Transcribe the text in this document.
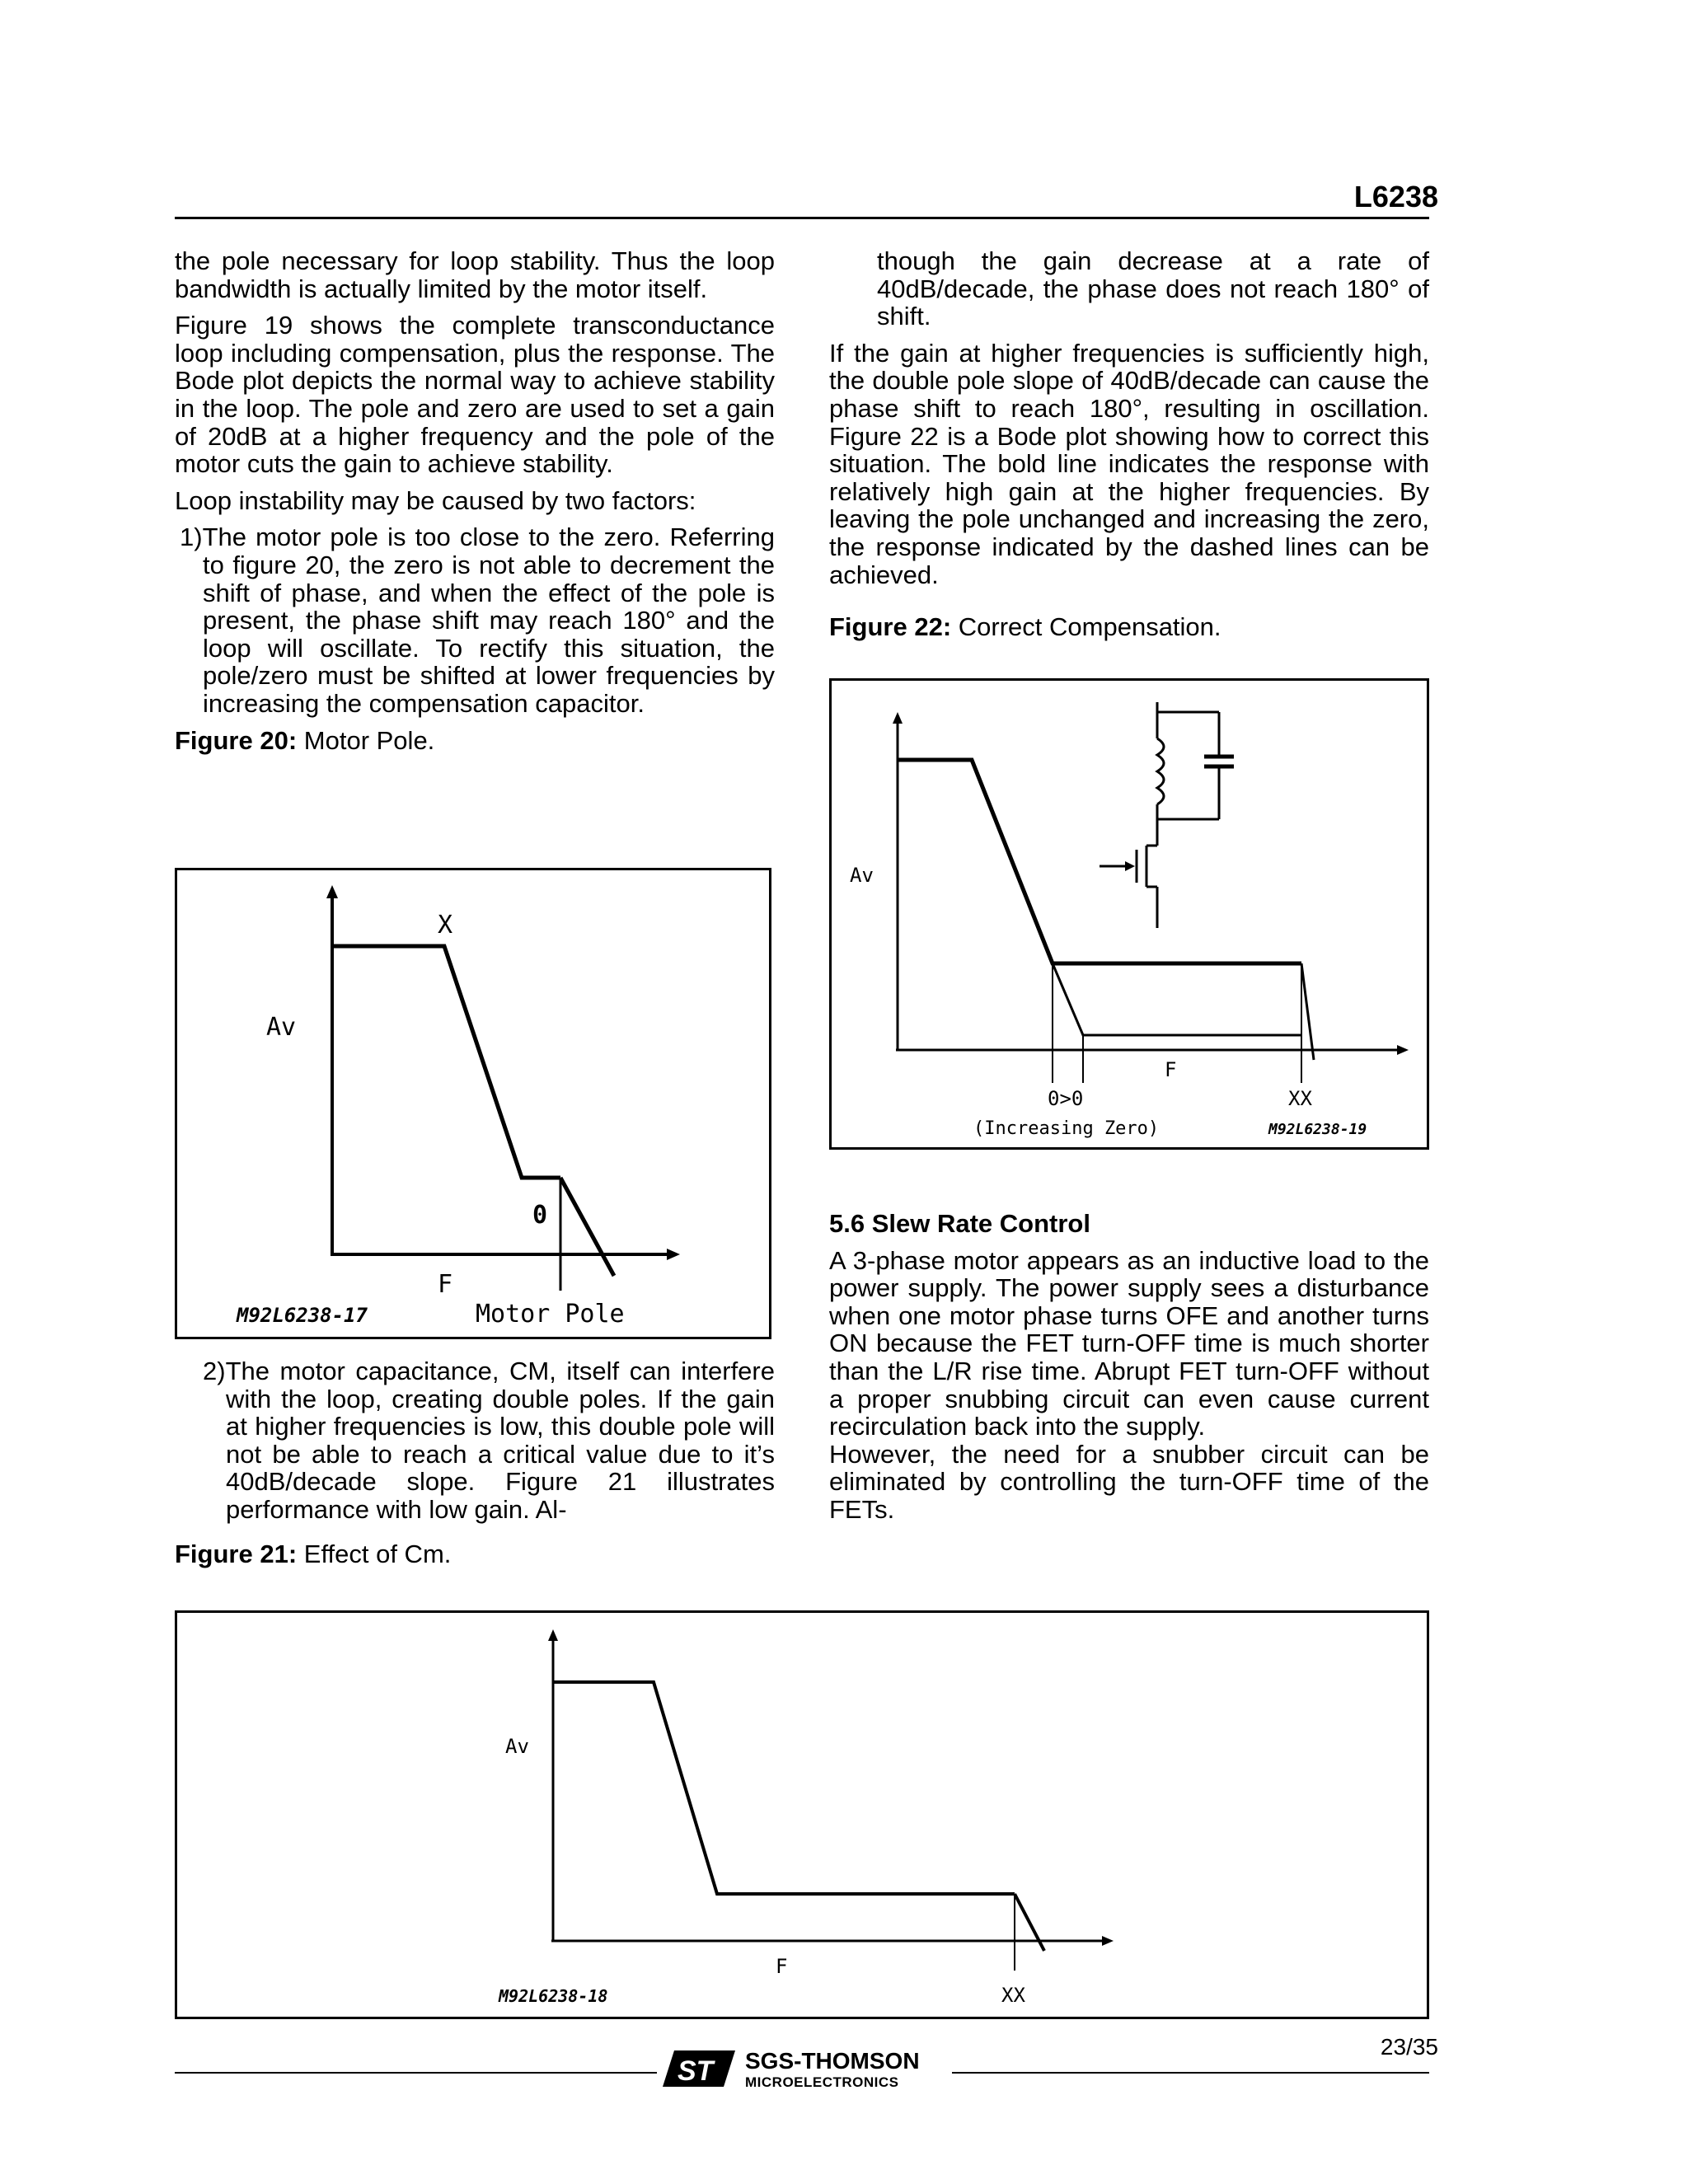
L6238

the pole necessary for loop stability. Thus the loop bandwidth is actually limited by the motor itself.

Figure 19 shows the complete transconductance loop including compensation, plus the response. The Bode plot depicts the normal way to achieve stability in the loop. The pole and zero are used to set a gain of 20dB at a higher frequency and the pole of the motor cuts the gain to achieve stability.

Loop instability may be caused by two factors:

1)The motor pole is too close to the zero. Referring to figure 20, the zero is not able to decrement the shift of phase, and when the effect of the pole is present, the phase shift may reach 180° and the loop will oscillate. To rectify this situation, the pole/zero must be shifted at lower frequencies by increasing the compensation capacitor.

Figure 20: Motor Pole.

Av
X
0
F
M92L6238-17	Motor Pole

2)The motor capacitance, CM, itself can interfere with the loop, creating double poles. If the gain at higher frequencies is low, this double pole will not be able to reach a critical value due to it’s 40dB/decade slope. Figure 21 illustrates performance with low gain. Al-

Figure 21: Effect of Cm.

though the gain decrease at a rate of 40dB/decade, the phase does not reach 180° of shift.

If the gain at higher frequencies is sufficiently high, the double pole slope of 40dB/decade can cause the phase shift to reach 180°, resulting in oscillation. Figure 22 is a Bode plot showing how to correct this situation. The bold line indicates the response with relatively high gain at the higher frequencies. By leaving the pole unchanged and increasing the zero, the response indicated by the dashed lines can be achieved.

Figure 22: Correct Compensation.

Av
F
0>0	XX
(Increasing Zero)	M92L6238-19

5.6 Slew Rate Control

A 3-phase motor appears as an inductive load to the power supply. The power supply sees a disturbance when one motor phase turns OFE and another turns ON because the FET turn-OFF time is much shorter than the L/R rise time. Abrupt FET turn-OFF without a proper snubbing circuit can even cause current recirculation back into the supply.

However, the need for a snubber circuit can be eliminated by controlling the turn-OFF time of the FETs.

Av
F
XX
M92L6238-18
23/35
ST SGS-THOMSON
MICROELECTRONICS
